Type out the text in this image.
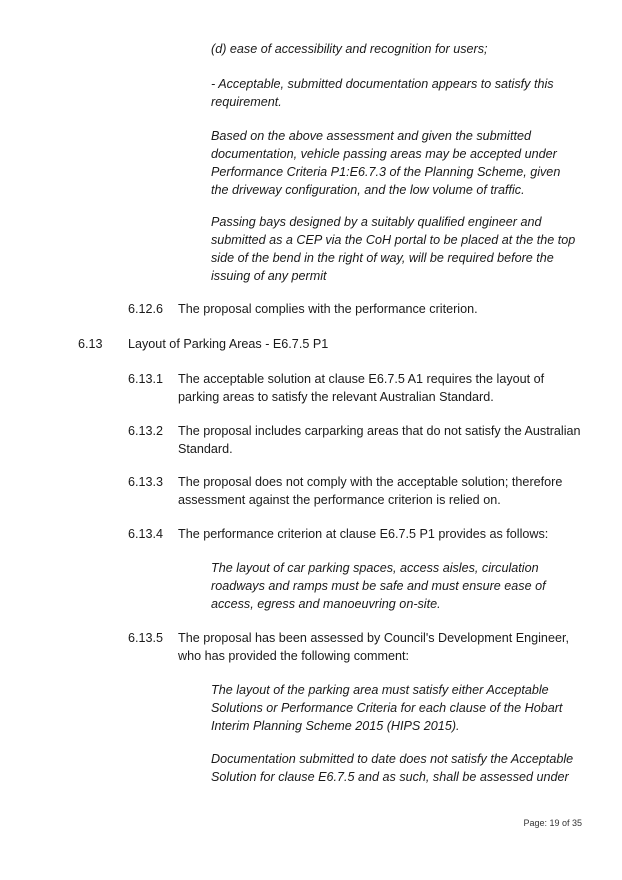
(d) ease of accessibility and recognition for users;

- Acceptable, submitted documentation appears to satisfy this requirement.

Based on the above assessment and given the submitted documentation, vehicle passing areas may be accepted under Performance Criteria P1:E6.7.3 of the Planning Scheme, given the driveway configuration, and the low volume of traffic.

Passing bays designed by a suitably qualified engineer and submitted as a CEP via the CoH portal to be placed at the the top side of the bend in the right of way, will be required before the issuing of any permit

6.12.6 The proposal complies with the performance criterion.

6.13 Layout of Parking Areas - E6.7.5 P1

6.13.1 The acceptable solution at clause E6.7.5 A1 requires the layout of parking areas to satisfy the relevant Australian Standard.

6.13.2 The proposal includes carparking areas that do not satisfy the Australian Standard.

6.13.3 The proposal does not comply with the acceptable solution; therefore assessment against the performance criterion is relied on.

6.13.4 The performance criterion at clause E6.7.5 P1 provides as follows:

The layout of car parking spaces, access aisles, circulation roadways and ramps must be safe and must ensure ease of access, egress and manoeuvring on-site.

6.13.5 The proposal has been assessed by Council's Development Engineer, who has provided the following comment:

The layout of the parking area must satisfy either Acceptable Solutions or Performance Criteria for each clause of the Hobart Interim Planning Scheme 2015 (HIPS 2015).

Documentation submitted to date does not satisfy the Acceptable Solution for clause E6.7.5 and as such, shall be assessed under

Page: 19 of 35
